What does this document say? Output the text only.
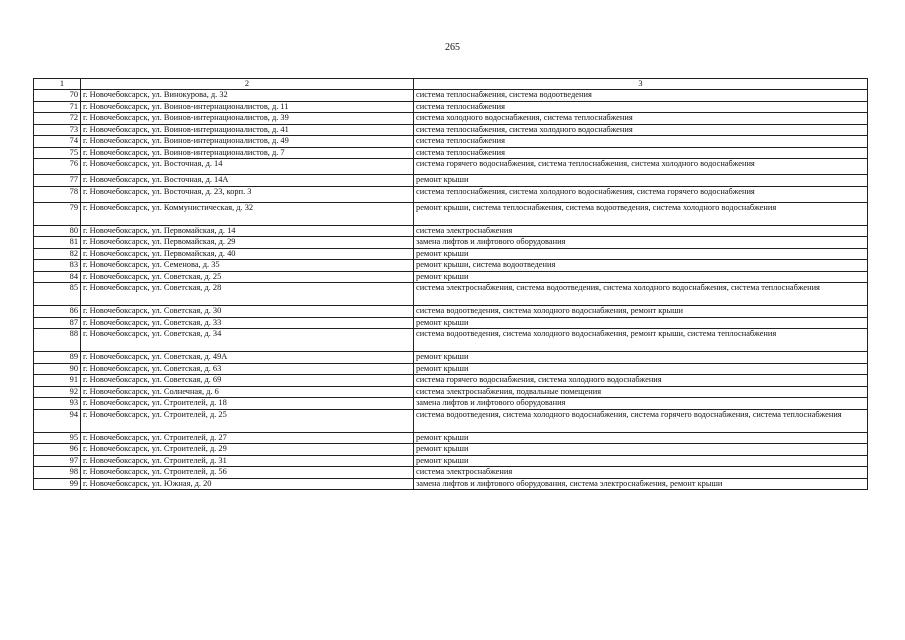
265
1	2	3
70	г. Новочебоксарск, ул. Винокурова, д. 32	система теплоснабжения, система водоотведения
71	г. Новочебоксарск, ул. Воинов-интернационалистов, д. 11	система теплоснабжения
72	г. Новочебоксарск, ул. Воинов-интернационалистов, д. 39	система холодного водоснабжения, система теплоснабжения
73	г. Новочебоксарск, ул. Воинов-интернационалистов, д. 41	система теплоснабжения, система холодного водоснабжения
74	г. Новочебоксарск, ул. Воинов-интернационалистов, д. 49	система теплоснабжения
75	г. Новочебоксарск, ул. Воинов-интернационалистов, д. 7	система теплоснабжения
76	г. Новочебоксарск, ул. Восточная, д. 14	система горячего водоснабжения, система теплоснабжения, система холодного водоснабжения
77	г. Новочебоксарск, ул. Восточная, д. 14А	ремонт крыши
78	г. Новочебоксарск, ул. Восточная, д. 23, корп. 3	система теплоснабжения, система холодного водоснабжения, система горячего водоснабжения
79	г. Новочебоксарск, ул. Коммунистическая, д. 32	ремонт крыши, система теплоснабжения, система водоотведения, система холодного водоснабжения
80	г. Новочебоксарск, ул. Первомайская, д. 14	система электроснабжения
81	г. Новочебоксарск, ул. Первомайская, д. 29	замена лифтов и лифтового оборудования
82	г. Новочебоксарск, ул. Первомайская, д. 40	ремонт крыши
83	г. Новочебоксарск, ул. Семенова, д. 35	ремонт крыши, система водоотведения
84	г. Новочебоксарск, ул. Советская, д. 25	ремонт крыши
85	г. Новочебоксарск, ул. Советская, д. 28	система электроснабжения, система водоотведения, система холодного водоснабжения, система теплоснабжения
86	г. Новочебоксарск, ул. Советская, д. 30	система водоотведения, система холодного водоснабжения, ремонт крыши
87	г. Новочебоксарск, ул. Советская, д. 33	ремонт крыши
88	г. Новочебоксарск, ул. Советская, д. 34	система водоотведения, система холодного водоснабжения, ремонт крыши, система теплоснабжения
89	г. Новочебоксарск, ул. Советская, д. 49А	ремонт крыши
90	г. Новочебоксарск, ул. Советская, д. 63	ремонт крыши
91	г. Новочебоксарск, ул. Советская, д. 69	система горячего водоснабжения, система холодного водоснабжения
92	г. Новочебоксарск, ул. Солнечная, д. 6	система электроснабжения, подвальные помещения
93	г. Новочебоксарск, ул. Строителей, д. 18	замена лифтов и лифтового оборудования
94	г. Новочебоксарск, ул. Строителей, д. 25	система водоотведения, система холодного водоснабжения, система горячего водоснабжения, система теплоснабжения
95	г. Новочебоксарск, ул. Строителей, д. 27	ремонт крыши
96	г. Новочебоксарск, ул. Строителей, д. 29	ремонт крыши
97	г. Новочебоксарск, ул. Строителей, д. 31	ремонт крыши
98	г. Новочебоксарск, ул. Строителей, д. 56	система электроснабжения
99	г. Новочебоксарск, ул. Южная, д. 20	замена лифтов и лифтового оборудования, система электроснабжения, ремонт крыши
